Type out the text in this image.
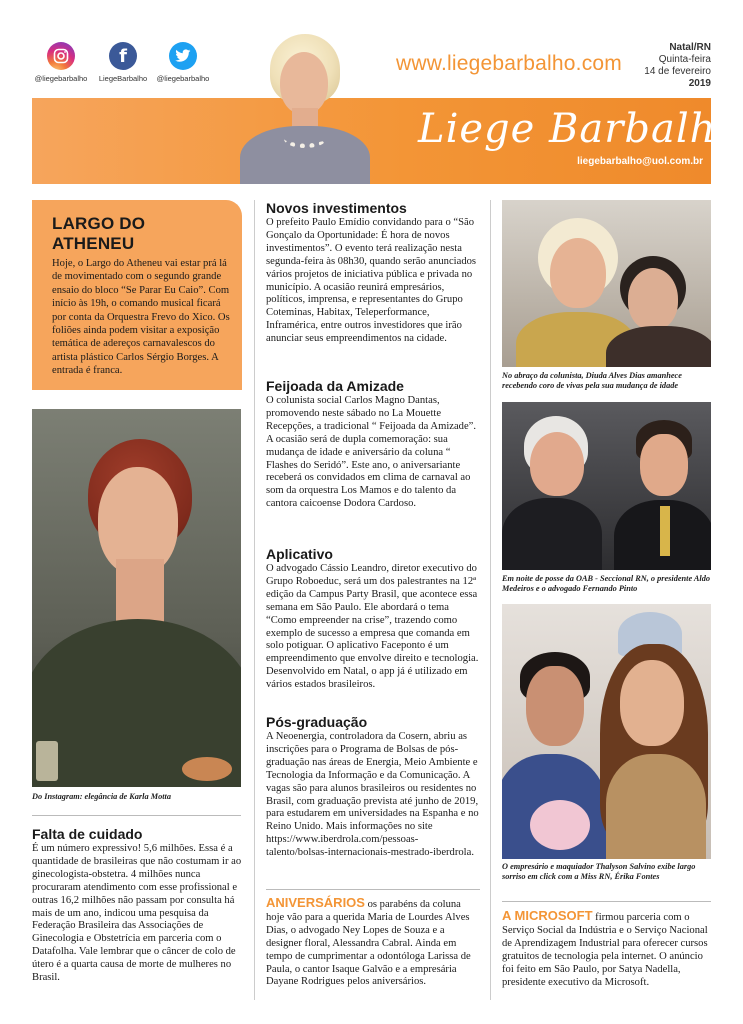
@liegebarbalho
f
LiegeBarbalho	@liegebarbalho
www.liegebarbalho.com
Natal/RN
Quinta-feira
14 de fevereiro
2019
Liege Barbalho
liegebarbalho@uol.com.br
LARGO DO ATHENEU

Hoje, o Largo do Atheneu vai estar prá lá de movimentado com o segundo grande ensaio do bloco “Se Parar Eu Caio”. Com início às 19h, o comando musical ficará por conta da Orquestra Frevo do Xico. Os foliões ainda podem visitar a exposição temática de adereços carnavalescos do artista plástico Carlos Sérgio Borges. A entrada é franca.

Do Instagram: elegância de Karla Motta
Falta de cuidado

É um número expressivo! 5,6 milhões. Essa é a quantidade de brasileiras que não costumam ir ao ginecologista-obstetra. 4 milhões nunca procuraram atendimento com esse profissional e outras 16,2 milhões não passam por consulta há mais de um ano, indicou uma pesquisa da Federação Brasileira das Associações de Ginecologia e Obstetrícia em parceria com o Datafolha. Vale lembrar que o câncer de colo de útero é a quarta causa de morte de mulheres no Brasil.

Novos investimentos

O prefeito Paulo Emídio convidando para o “São Gonçalo da Oportunidade: É hora de novos investimentos”. O evento terá realização nesta segunda-feira às 08h30, quando serão anunciados vários projetos de iniciativa pública e privada no município. A ocasião reunirá empresários, políticos, imprensa, e representantes do Grupo Coteminas, Habitax, Teleperformance, Inframérica, entre outros investidores que irão anunciar seus empreendimentos na cidade.

Feijoada da Amizade

O colunista social Carlos Magno Dantas, promovendo neste sábado no La Mouette Recepções, a tradicional “ Feijoada da Amizade”. A ocasião será de dupla comemoração: sua mudança de idade e aniversário da coluna “ Flashes do Seridó”. Este ano, o aniversariante receberá os convidados em clima de carnaval ao som da orquestra Los Mamos e do talento da cantora caicoense Dodora Cardoso.

Aplicativo

O advogado Cássio Leandro, diretor executivo do Grupo Roboeduc, será um dos palestrantes na 12ª edição da Campus Party Brasil, que acontece essa semana em São Paulo. Ele abordará o tema “Como empreender na crise”, trazendo como exemplo de sucesso a empresa que comanda em solo potiguar. O aplicativo Faceponto é um empreendimento que envolve direito e tecnologia. Desenvolvido em Natal, o app já é utilizado em vários estados brasileiros.

Pós-graduação

A Neoenergia, controladora da Cosern, abriu as inscrições para o Programa de Bolsas de pós-graduação nas áreas de Energia, Meio Ambiente e Tecnologia da Informação e da Comunicação. A vagas são para alunos brasileiros ou residentes no Brasil, com graduação prevista até junho de 2019, para estudarem em universidades na Espanha e no Reino Unido. Mais informações no site https://www.iberdrola.com/pessoas-talento/bolsas-internacionais-mestrado-iberdrola.

ANIVERSÁRIOS os parabéns da coluna hoje vão para a querida Maria de Lourdes Alves Dias, o advogado Ney Lopes de Souza e a designer floral, Alessandra Cabral. Ainda em tempo de cumprimentar a odontóloga Larissa de Paula, o cantor Isaque Galvão e a empresária Dayane Rodrigues pelos aniversários.

No abraço da colunista, Diuda Alves Dias amanhece recebendo coro de vivas pela sua mudança de idade
Em noite de posse da OAB - Seccional RN, o presidente Aldo Medeiros e o advogado Fernando Pinto
O empresário e maquiador Thalyson Salvino exibe largo sorriso em click com a Miss RN, Érika Fontes

A MICROSOFT firmou parceria com o Serviço Social da Indústria e o Serviço Nacional de Aprendizagem Industrial para oferecer cursos gratuitos de tecnologia pela internet. O anúncio foi feito em São Paulo, por Satya Nadella, presidente executivo da Microsoft.
